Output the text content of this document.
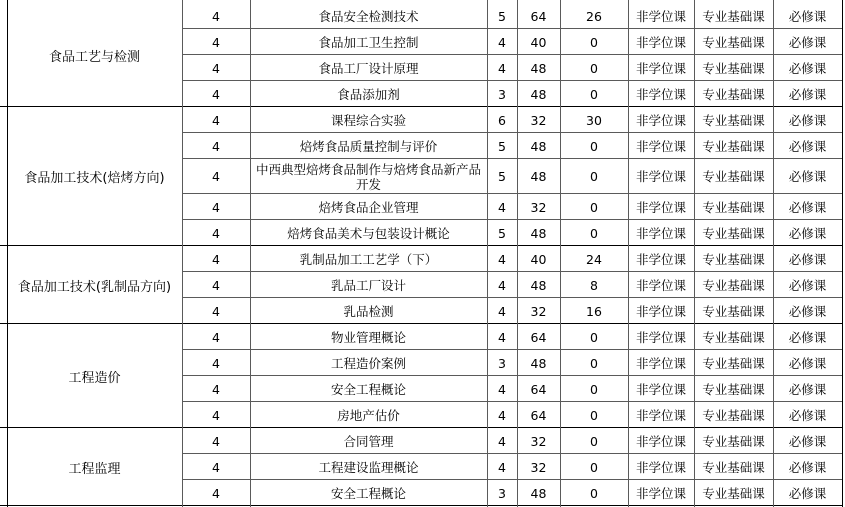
4	食品安全检测技术	5	64	26	非学位课	专业基础课	必修课
4	食品加工卫生控制	4	40	0	非学位课	专业基础课	必修课
4	食品工厂设计原理	4	48	0	非学位课	专业基础课	必修课
4	食品添加剂	3	48	0	非学位课	专业基础课	必修课
食品工艺与检测
4	课程综合实验	6	32	30	非学位课	专业基础课	必修课
4	焙烤食品质量控制与评价	5	48	0	非学位课	专业基础课	必修课
4	中西典型焙烤食品制作与焙烤食品新产品开发	5	48	0	非学位课	专业基础课	必修课
4	焙烤食品企业管理	4	32	0	非学位课	专业基础课	必修课
4	焙烤食品美术与包装设计概论	5	48	0	非学位课	专业基础课	必修课
食品加工技术(焙烤方向)
4	乳制品加工工艺学（下）	4	40	24	非学位课	专业基础课	必修课
4	乳品工厂设计	4	48	8	非学位课	专业基础课	必修课
4	乳品检测	4	32	16	非学位课	专业基础课	必修课
食品加工技术(乳制品方向)
4	物业管理概论	4	64	0	非学位课	专业基础课	必修课
4	工程造价案例	3	48	0	非学位课	专业基础课	必修课
4	安全工程概论	4	64	0	非学位课	专业基础课	必修课
4	房地产估价	4	64	0	非学位课	专业基础课	必修课
工程造价
4	合同管理	4	32	0	非学位课	专业基础课	必修课
4	工程建设监理概论	4	32	0	非学位课	专业基础课	必修课
4	安全工程概论	3	48	0	非学位课	专业基础课	必修课
工程监理
